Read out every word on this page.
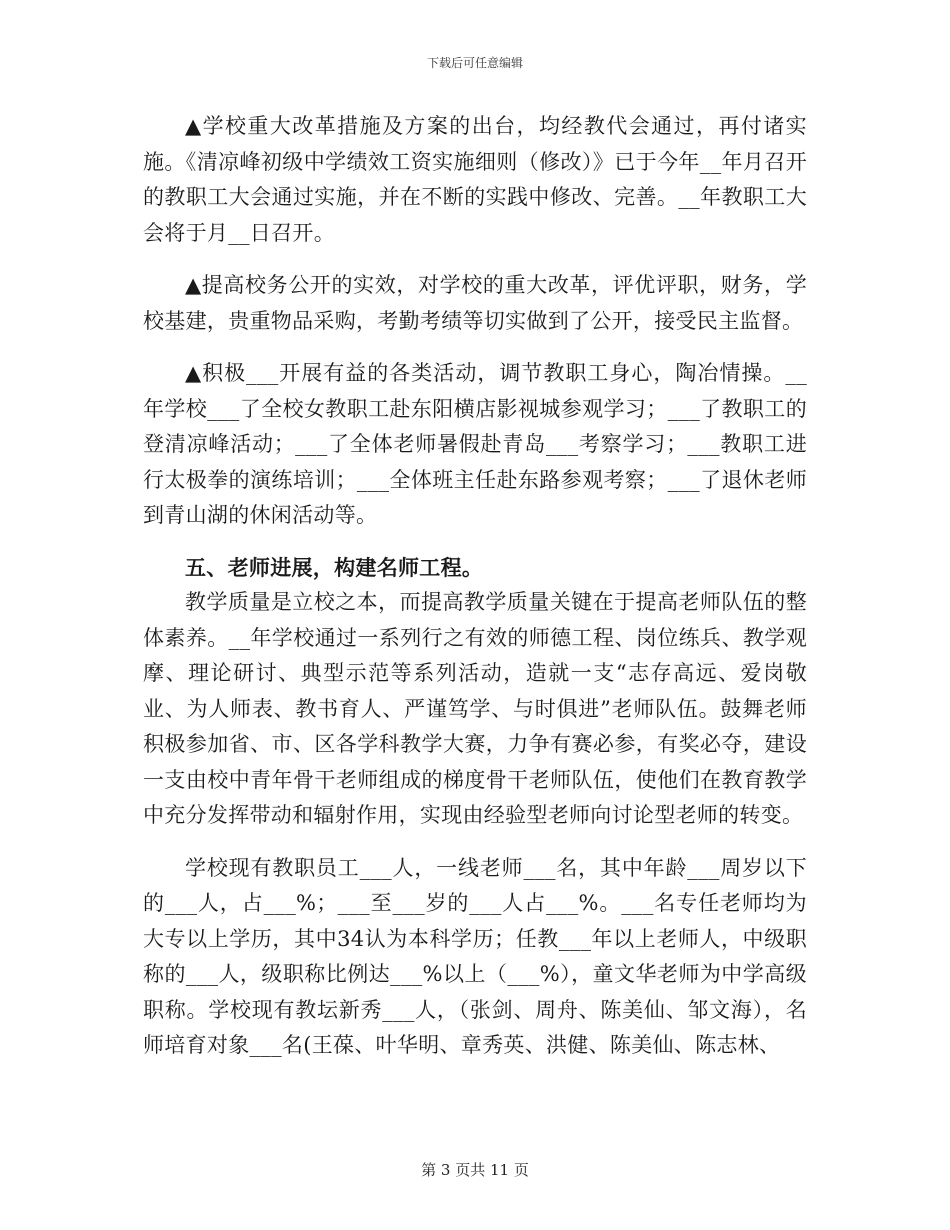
下载后可任意编辑

▲学校重大改革措施及方案的出台，均经教代会通过，再付诸实施。《清凉峰初级中学绩效工资实施细则（修改）》已于今年__年月召开的教职工大会通过实施，并在不断的实践中修改、完善。__年教职工大会将于月__日召开。

▲提高校务公开的实效，对学校的重大改革，评优评职，财务，学校基建，贵重物品采购，考勤考绩等切实做到了公开，接受民主监督。

▲积极___开展有益的各类活动，调节教职工身心，陶冶情操。__年学校___了全校女教职工赴东阳横店影视城参观学习；___了教职工的登清凉峰活动；___了全体老师暑假赴青岛___考察学习；___教职工进行太极拳的演练培训；___全体班主任赴东路参观考察；___了退休老师到青山湖的休闲活动等。

五、老师进展，构建名师工程。

教学质量是立校之本，而提高教学质量关键在于提高老师队伍的整体素养。__年学校通过一系列行之有效的师德工程、岗位练兵、教学观摩、理论研讨、典型示范等系列活动，造就一支“志存高远、爱岗敬业、为人师表、教书育人、严谨笃学、与时俱进”老师队伍。鼓舞老师积极参加省、市、区各学科教学大赛，力争有赛必参，有奖必夺，建设一支由校中青年骨干老师组成的梯度骨干老师队伍，使他们在教育教学中充分发挥带动和辐射作用，实现由经验型老师向讨论型老师的转变。

学校现有教职员工___人，一线老师___名，其中年龄___周岁以下的___人，占___%；___至___岁的___人占___%。___名专任老师均为大专以上学历，其中34认为本科学历；任教___年以上老师人，中级职称的___人，级职称比例达___%以上（___%），童文华老师为中学高级职称。学校现有教坛新秀___人，（张剑、周舟、陈美仙、邹文海），名师培育对象___名(王葆、叶华明、章秀英、洪健、陈美仙、陈志林、

第 3 页共 11 页
